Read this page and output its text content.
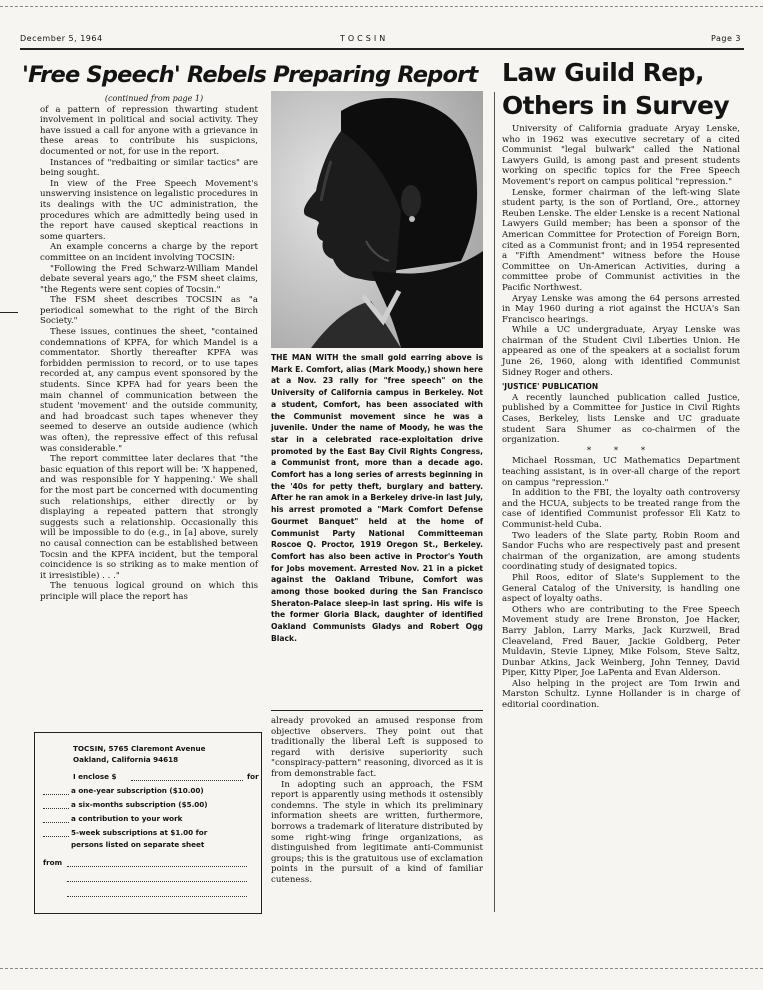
December 5, 1964	TOCSIN	Page 3
'Free Speech' Rebels Preparing Report Law Guild Rep, Others in Survey

(continued from page 1)

of a pattern of repression thwarting student involvement in political and social activity. They have issued a call for anyone with a grievance in these areas to contribute his suspicions, documented or not, for use in the report.

Instances of "redbaiting or similar tactics" are being sought.

In view of the Free Speech Movement's unswerving insistence on legalistic procedures in its dealings with the UC administration, the procedures which are admittedly being used in the report have caused skeptical reactions in some quarters.

An example concerns a charge by the report committee on an incident involving TOCSIN:

"Following the Fred Schwarz-William Mandel debate several years ago," the FSM sheet claims, "the Regents were sent copies of Tocsin."

The FSM sheet describes TOCSIN as "a periodical somewhat to the right of the Birch Society."

These issues, continues the sheet, "contained condemnations of KPFA, for which Mandel is a commentator. Shortly thereafter KPFA was forbidden permission to record, or to use tapes recorded at, any campus event sponsored by the students. Since KPFA had for years been the main channel of communication between the student 'movement' and the outside community, and had broadcast such tapes whenever they seemed to deserve an outside audience (which was often), the repressive effect of this refusal was considerable."

The report committee later declares that "the basic equation of this report will be: 'X happened, and was responsible for Y happening.' We shall for the most part be concerned with documenting such relationships, either directly or by displaying a repeated pattern that strongly suggests such a relationship. Occasionally this will be impossible to do (e.g., in [a] above, surely no causal connection can be established between Tocsin and the KPFA incident, but the temporal coincidence is so striking as to make mention of it irresistible) . . ."

The tenuous logical ground on which this principle will place the report has

THE MAN WITH the small gold earring above is Mark E. Comfort, alias (Mark Moody,) shown here at a Nov. 23 rally for "free speech" on the University of California campus in Berkeley. Not a student, Comfort, has been associated with the Communist movement since he was a juvenile. Under the name of Moody, he was the star in a celebrated race-exploitation drive promoted by the East Bay Civil Rights Congress, a Communist front, more than a decade ago. Comfort has a long series of arrests beginning in the '40s for petty theft, burglary and battery. After he ran amok in a Berkeley drive-in last July, his arrest promoted a "Mark Comfort Defense Gourmet Banquet" held at the home of Communist Party National Committeeman Roscoe Q. Proctor, 1919 Oregon St., Berkeley. Comfort has also been active in Proctor's Youth for Jobs movement. Arrested Nov. 21 in a picket against the Oakland Tribune, Comfort was among those booked during the San Francisco Sheraton-Palace sleep-in last spring. His wife is the former Gloria Black, daughter of identified Oakland Communists Gladys and Robert Ogg Black.

already provoked an amused response from objective observers. They point out that traditionally the liberal Left is supposed to regard with derisive superiority such "conspiracy-pattern" reasoning, divorced as it is from demonstrable fact.

In adopting such an approach, the FSM report is apparently using methods it ostensibly condemns. The style in which its preliminary information sheets are written, furthermore, borrows a trademark of literature distributed by some right-wing fringe organizations, as distinguished from legitimate anti-Communist groups; this is the gratuitous use of exclamation points in the pursuit of a kind of familiar cuteness.

TOCSIN, 5765 Claremont Avenue
Oakland, California 94618
I enclose $	for
a one-year subscription ($10.00)
a six-months subscription ($5.00)
a contribution to your work
5-week subscriptions at $1.00 for
persons listed on separate sheet
from

University of California graduate Aryay Lenske, who in 1962 was executive secretary of a cited Communist "legal bulwark" called the National Lawyers Guild, is among past and present students working on specific topics for the Free Speech Movement's report on campus political "repression."

Lenske, former chairman of the left-wing Slate student party, is the son of Portland, Ore., attorney Reuben Lenske. The elder Lenske is a recent National Lawyers Guild member; has been a sponsor of the American Committee for Protection of Foreign Born, cited as a Communist front; and in 1954 represented a "Fifth Amendment" witness before the House Committee on Un-American Activities, during a committee probe of Communist activities in the Pacific Northwest.

Aryay Lenske was among the 64 persons arrested in May 1960 during a riot against the HCUA's San Francisco hearings.

While a UC undergraduate, Aryay Lenske was chairman of the Student Civil Liberties Union. He appeared as one of the speakers at a socialist forum June 26, 1960, along with identified Communist Sidney Roger and others.

'JUSTICE' PUBLICATION

A recently launched publication called Justice, published by a Committee for Justice in Civil Rights Cases, Berkeley, lists Lenske and UC graduate student Sara Shumer as co-chairmen of the organization.

* * *

Michael Rossman, UC Mathematics Department teaching assistant, is in over-all charge of the report on campus "repression."

In addition to the FBI, the loyalty oath controversy and the HCUA, subjects to be treated range from the case of identified Communist professor Eli Katz to Communist-held Cuba.

Two leaders of the Slate party, Robin Room and Sandor Fuchs who are respectively past and present chairman of the organization, are among students coordinating study of designated topics.

Phil Roos, editor of Slate's Supplement to the General Catalog of the University, is handling one aspect of loyalty oaths.

Others who are contributing to the Free Speech Movement study are Irene Bronston, Joe Hacker, Barry Jablon, Larry Marks, Jack Kurzweil, Brad Cleaveland, Fred Bauer, Jackie Goldberg, Peter Muldavin, Stevie Lipney, Mike Folsom, Steve Saltz, Dunbar Atkins, Jack Weinberg, John Tenney, David Piper, Kitty Piper, Joe LaPenta and Evan Alderson.

Also helping in the project are Tom Irwin and Marston Schultz. Lynne Hollander is in charge of editorial coordination.
